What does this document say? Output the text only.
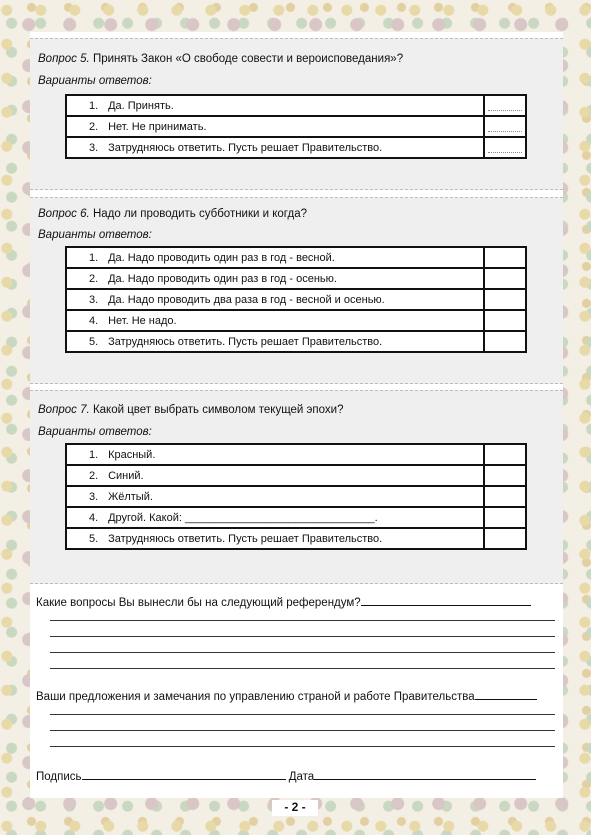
Вопрос 5. Принять Закон «О свободе совести и вероисповедания»?
Варианты ответов:
1. Да. Принять.	

2. Нет. Не принимать.	

3. Затрудняюсь ответить. Пусть решает Правительство.	
Вопрос 6. Надо ли проводить субботники и когда?
Варианты ответов:
1. Да. Надо проводить один раз в год - весной.	
2. Да. Надо проводить один раз в год - осенью.	
3. Да. Надо проводить два раза в год - весной и осенью.	
4. Нет. Не надо.	
5. Затрудняюсь ответить. Пусть решает Правительство.	
Вопрос 7. Какой цвет выбрать символом текущей эпохи?
Варианты ответов:
1. Красный.	
2. Синий.	
3. Жёлтый.	
4. Другой. Какой: _______________________________.	
5. Затрудняюсь ответить. Пусть решает Правительство.	
Какие вопросы Вы вынесли бы на следующий референдум?
Ваши предложения и замечания по управлению страной и работе Правительства
Подпись	Дата
- 2 -
